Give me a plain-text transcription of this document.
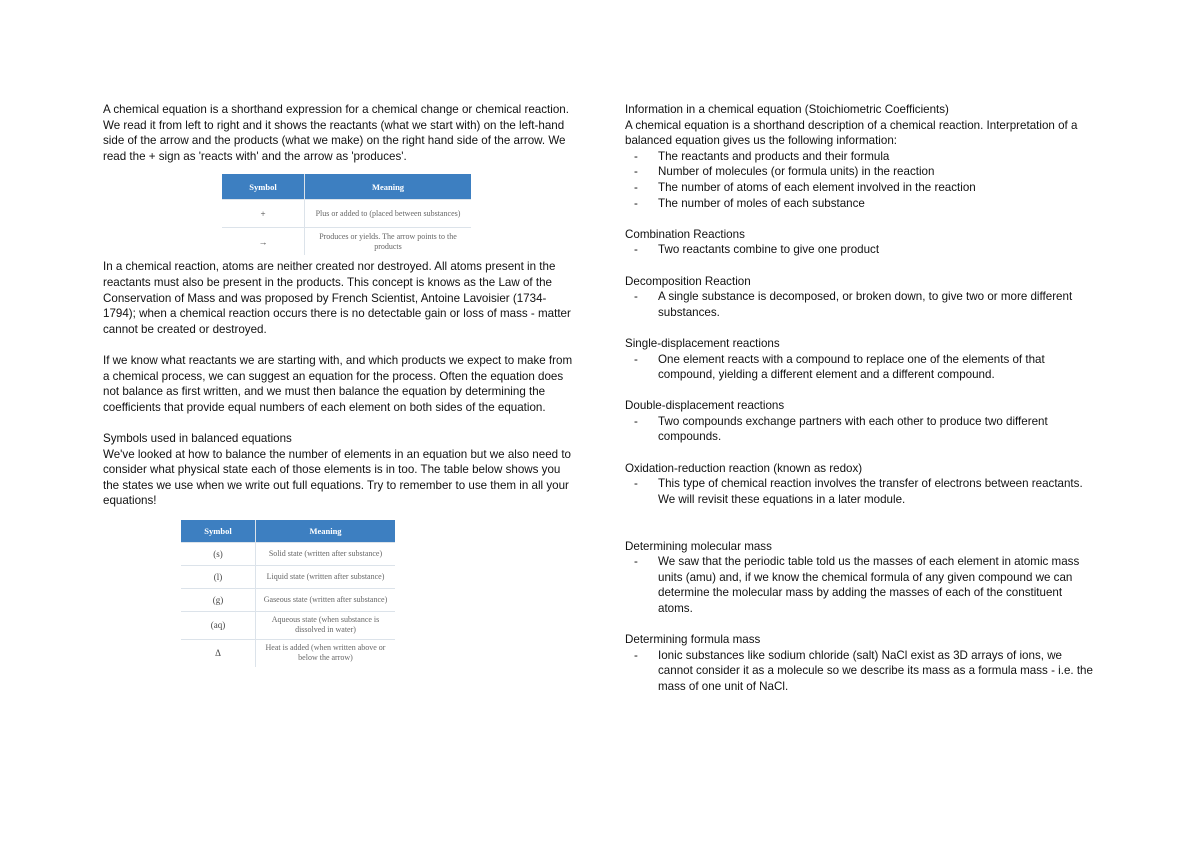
A chemical equation is a shorthand expression for a chemical change or chemical reaction. We read it from left to right and it shows the reactants (what we start with) on the left-hand side of the arrow and the products (what we make) on the right hand side of the arrow. We read the + sign as 'reacts with' and the arrow as 'produces'.

Symbol	Meaning
+	Plus or added to (placed between substances)
→	Produces or yields. The arrow points to the products

In a chemical reaction, atoms are neither created nor destroyed. All atoms present in the reactants must also be present in the products. This concept is knows as the Law of the Conservation of Mass and was proposed by French Scientist, Antoine Lavoisier (1734-1794); when a chemical reaction occurs there is no detectable gain or loss of mass - matter cannot be created or destroyed.

If we know what reactants we are starting with, and which products we expect to make from a chemical process, we can suggest an equation for the process. Often the equation does not balance as first written, and we must then balance the equation by determining the coefficients that provide equal numbers of each element on both sides of the equation.

Symbols used in balanced equations

We've looked at how to balance the number of elements in an equation but we also need to consider what physical state each of those elements is in too. The table below shows you the states we use when we write out full equations. Try to remember to use them in all your equations!

Symbol	Meaning
(s)	Solid state (written after substance)
(l)	Liquid state (written after substance)
(g)	Gaseous state (written after substance)
(aq)	Aqueous state (when substance is dissolved in water)
Δ	Heat is added (when written above or below the arrow)

Information in a chemical equation (Stoichiometric Coefficients)

A chemical equation is a shorthand description of a chemical reaction. Interpretation of a balanced equation gives us the following information:

- The reactants and products and their formula
- Number of molecules (or formula units) in the reaction
- The number of atoms of each element involved in the reaction
- The number of moles of each substance

Combination Reactions

- Two reactants combine to give one product

Decomposition Reaction

- A single substance is decomposed, or broken down, to give two or more different substances.

Single-displacement reactions

- One element reacts with a compound to replace one of the elements of that compound, yielding a different element and a different compound.

Double-displacement reactions

- Two compounds exchange partners with each other to produce two different compounds.

Oxidation-reduction reaction (known as redox)

- This type of chemical reaction involves the transfer of electrons between reactants. We will revisit these equations in a later module.

Determining molecular mass

- We saw that the periodic table told us the masses of each element in atomic mass units (amu) and, if we know the chemical formula of any given compound we can determine the molecular mass by adding the masses of each of the constituent atoms.

Determining formula mass

- Ionic substances like sodium chloride (salt) NaCl exist as 3D arrays of ions, we cannot consider it as a molecule so we describe its mass as a formula mass - i.e. the mass of one unit of NaCl.
